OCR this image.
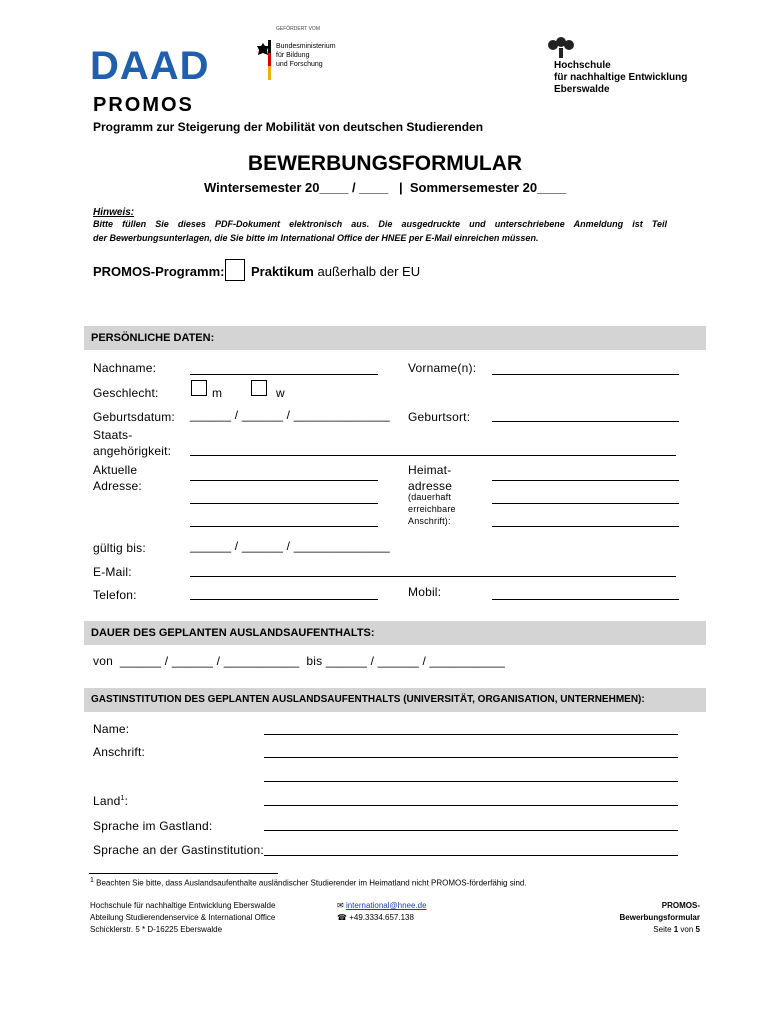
DAAD
GEFÖRDERT VOM
Bundesministerium
für Bildung
und Forschung	Hochschule
für nachhaltige Entwicklung
Eberswalde
PROMOS
Programm zur Steigerung der Mobilität von deutschen Studierenden
BEWERBUNGSFORMULAR
Wintersemester 20____ / ____   |  Sommersemester 20____
Hinweis:
Bitte füllen Sie dieses PDF-Dokument elektronisch aus. Die ausgedruckte und unterschriebene Anmeldung ist Teil
der Bewerbungsunterlagen, die Sie bitte im International Office der HNEE per E-Mail einreichen müssen.
PROMOS-Programm: Praktikum außerhalb der EU
PERSÖNLICHE DATEN:
Nachname:	Vorname(n):
Geschlecht:	m	w
Geburtsdatum: ______ / ______ / ______________ Geburtsort:
Staats-
angehörigkeit:
Aktuelle
Adresse:
Heimat-
adresse
(dauerhaft
erreichbare
Anschrift):
gültig bis:	______ / ______ / ______________
E-Mail:
Telefon:	Mobil:
DAUER DES GEPLANTEN AUSLANDSAUFENTHALTS:
von  ______ / ______ / ___________  bis ______ / ______ / ___________
GASTINSTITUTION DES GEPLANTEN AUSLANDSAUFENTHALTS (UNIVERSITÄT, ORGANISATION, UNTERNEHMEN):
Name:
Anschrift:
Land$^1$:
Sprache im Gastland:
Sprache an der Gastinstitution:
$^1$ Beachten Sie bitte, dass Auslandsaufenthalte ausländischer Studierender im Heimatland nicht PROMOS-förderfähig sind.
Hochschule für nachhaltige Entwicklung Eberswalde
Abteilung Studierendenservice & International Office
Schicklerstr. 5 * D-16225 Eberswalde
✉ international@hnee.de
☎ +49.3334.657.138
PROMOS-
Bewerbungsformular
Seite 1 von 5
